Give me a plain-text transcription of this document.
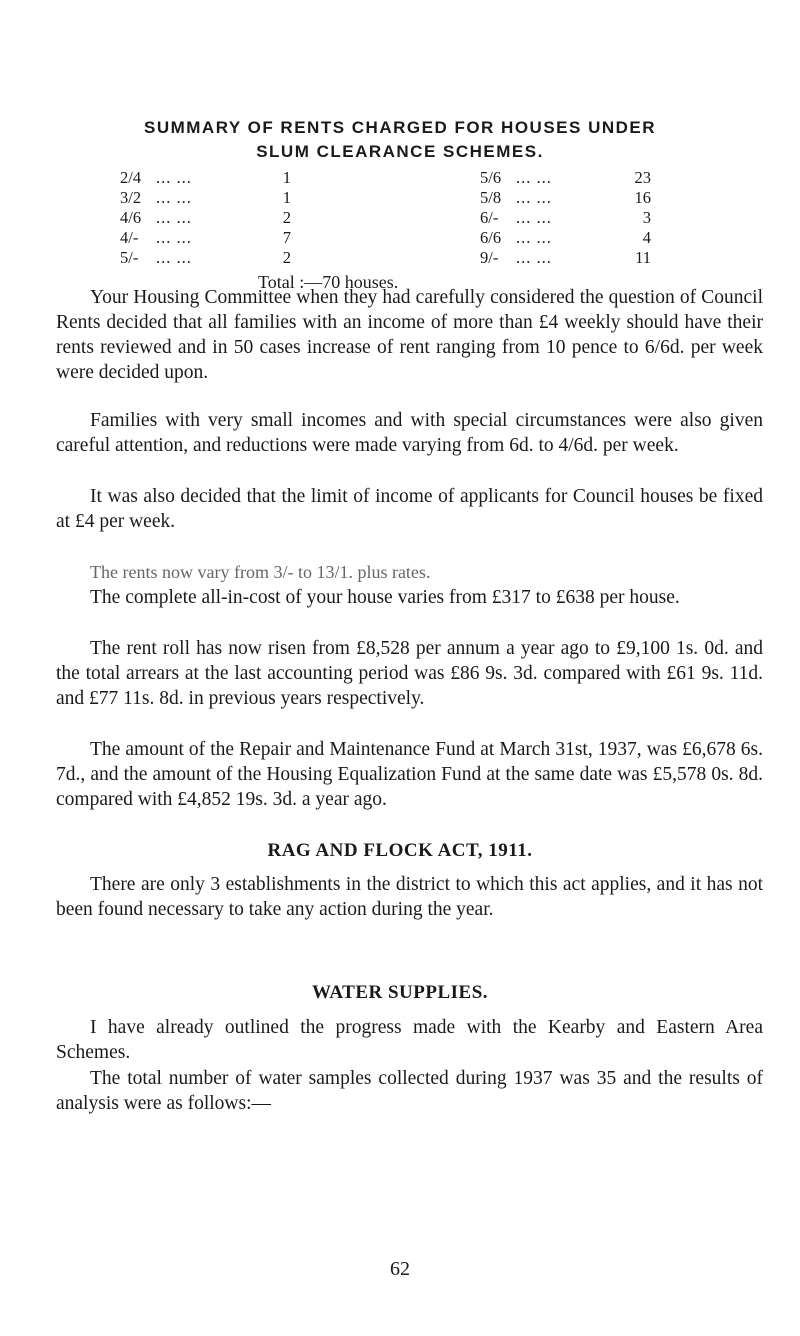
SUMMARY OF RENTS CHARGED FOR HOUSES UNDER
SLUM CLEARANCE SCHEMES.
2/4 ... ...	1
3/2 ... ...	1
4/6 ... ...	2
4/-	... ...	7
5/-	... ...	2
5/6 ... ...	23
5/8 ... ...	16
6/-	... ...	3
6/6 ... ...	4
9/-	... ...	11
Total :—70 houses.

Your Housing Committee when they had carefully considered the question of Council Rents decided that all families with an income of more than £4 weekly should have their rents reviewed and in 50 cases increase of rent ranging from 10 pence to 6/6d. per week were decided upon.

Families with very small incomes and with special circumstances were also given careful attention, and reductions were made varying from 6d. to 4/6d. per week.

It was also decided that the limit of income of applicants for Council houses be fixed at £4 per week.

The rents now vary from 3/- to 13/1. plus rates.

The complete all-in-cost of your house varies from £317 to £638 per house.

The rent roll has now risen from £8,528 per annum a year ago to £9,100 1s. 0d. and the total arrears at the last accounting period was £86 9s. 3d. compared with £61 9s. 11d. and £77 11s. 8d. in previous years respectively.

The amount of the Repair and Maintenance Fund at March 31st, 1937, was £6,678 6s. 7d., and the amount of the Housing Equalization Fund at the same date was £5,578 0s. 8d. compared with £4,852 19s. 3d. a year ago.

RAG AND FLOCK ACT, 1911.

There are only 3 establishments in the district to which this act applies, and it has not been found necessary to take any action during the year.

WATER SUPPLIES.

I have already outlined the progress made with the Kearby and Eastern Area Schemes.

The total number of water samples collected during 1937 was 35 and the results of analysis were as follows:—

62
